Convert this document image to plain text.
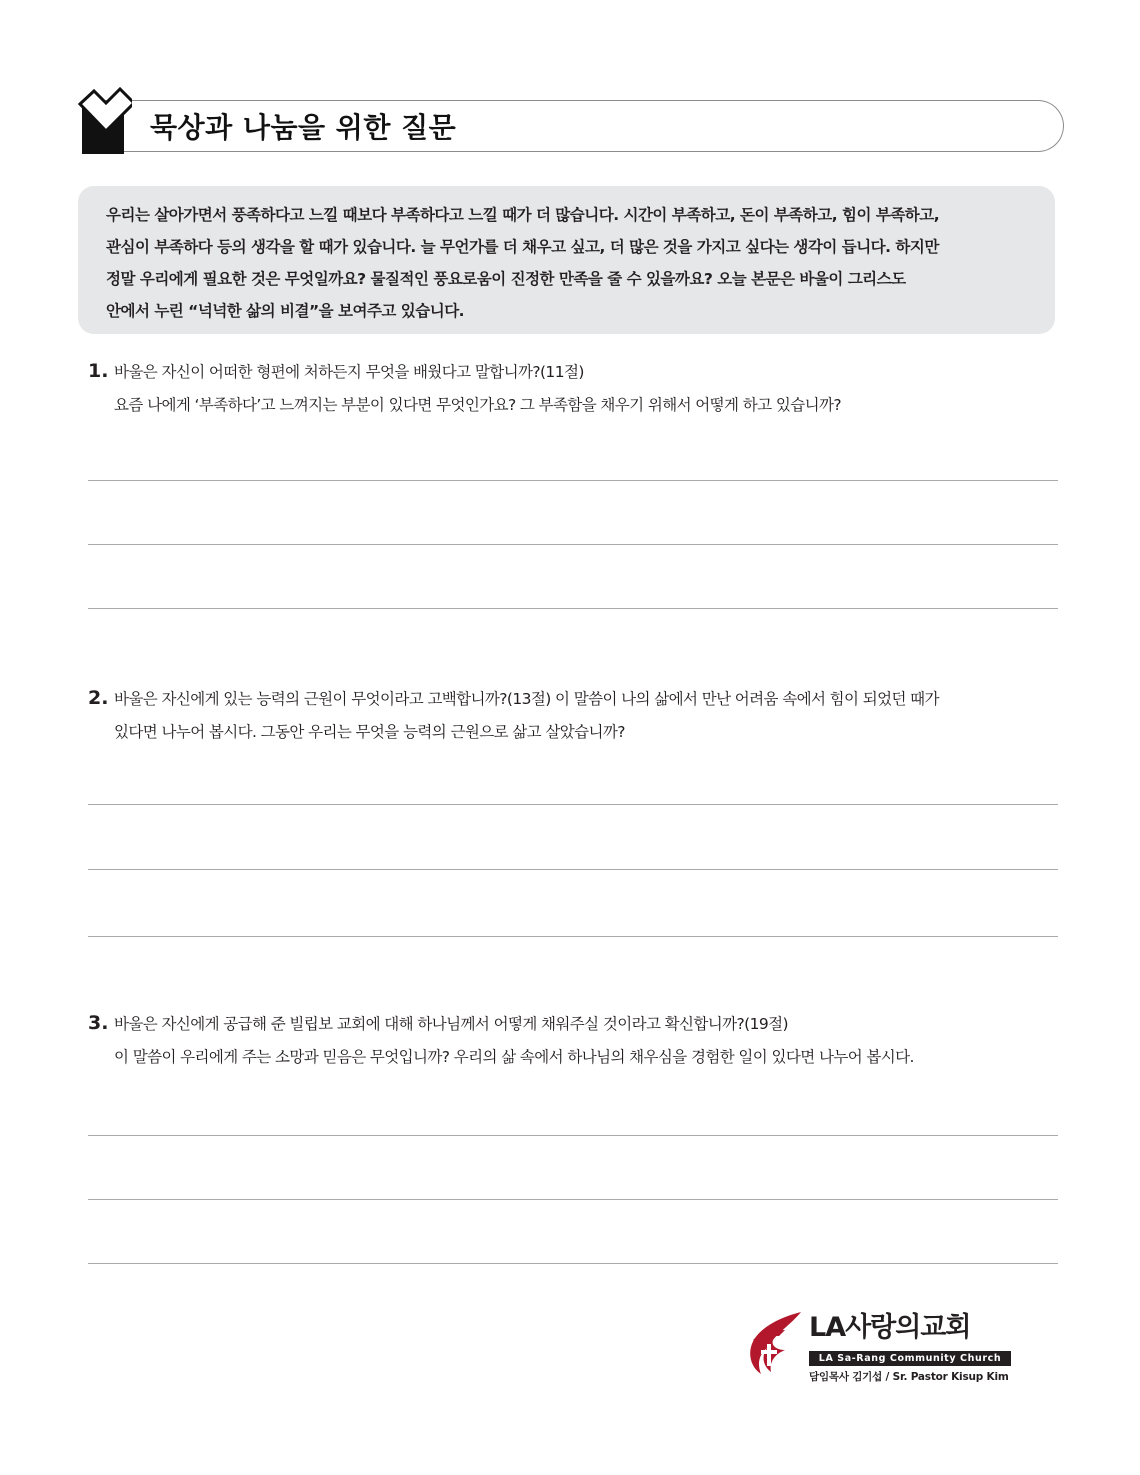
묵상과 나눔을 위한 질문

우리는 살아가면서 풍족하다고 느낄 때보다 부족하다고 느낄 때가 더 많습니다. 시간이 부족하고, 돈이 부족하고, 힘이 부족하고,
관심이 부족하다 등의 생각을 할 때가 있습니다. 늘 무언가를 더 채우고 싶고, 더 많은 것을 가지고 싶다는 생각이 듭니다. 하지만
정말 우리에게 필요한 것은 무엇일까요? 물질적인 풍요로움이 진정한 만족을 줄 수 있을까요? 오늘 본문은 바울이 그리스도
안에서 누린 “넉넉한 삶의 비결”을 보여주고 있습니다.

1. 바울은 자신이 어떠한 형편에 처하든지 무엇을 배웠다고 말합니까?(11절)
요즘 나에게 ‘부족하다’고 느껴지는 부분이 있다면 무엇인가요? 그 부족함을 채우기 위해서 어떻게 하고 있습니까?

2. 바울은 자신에게 있는 능력의 근원이 무엇이라고 고백합니까?(13절) 이 말씀이 나의 삶에서 만난 어려움 속에서 힘이 되었던 때가
있다면 나누어 봅시다. 그동안 우리는 무엇을 능력의 근원으로 삶고 살았습니까?

3. 바울은 자신에게 공급해 준 빌립보 교회에 대해 하나님께서 어떻게 채워주실 것이라고 확신합니까?(19절)
이 말씀이 우리에게 주는 소망과 믿음은 무엇입니까? 우리의 삶 속에서 하나님의 채우심을 경험한 일이 있다면 나누어 봅시다.

LA사랑의교회
LA Sa-Rang Community Church
담임목사 김기섭 / Sr. Pastor Kisup Kim
